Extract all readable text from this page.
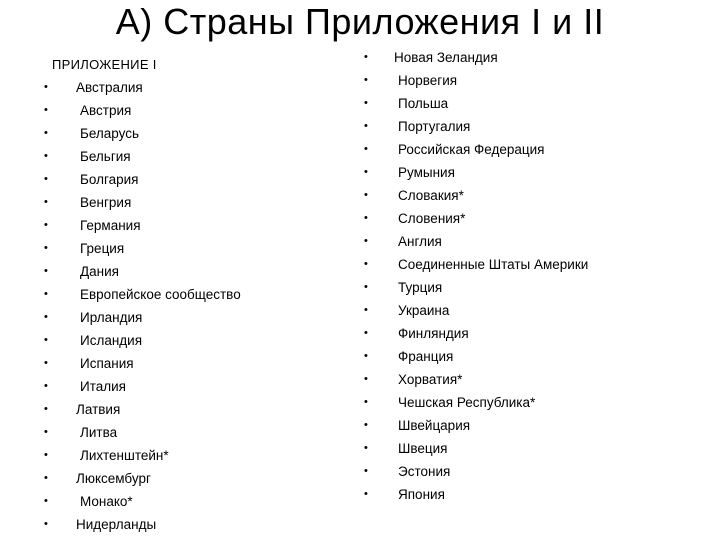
А) Страны Приложения I и II
ПРИЛОЖЕНИЕ I
•	Австралия
•	Австрия
•	Беларусь
•	Бельгия
•	Болгария
•	Венгрия
•	Германия
•	Греция
•	Дания
•	Европейское сообщество
•	Ирландия
•	Исландия
•	Испания
•	Италия
•	Латвия
•	Литва
•	Лихтенштейн*
•	Люксембург
•	Монако*
•	Нидерланды
•	Новая Зеландия
•	Норвегия
•	Польша
•	Португалия
•	Российская Федерация
•	Румыния
•	Словакия*
•	Словения*
•	Англия
•	Соединенные Штаты Америки
•	Турция
•	Украина
•	Финляндия
•	Франция
•	Хорватия*
•	Чешская Республика*
•	Швейцария
•	Швеция
•	Эстония
•	Япония
